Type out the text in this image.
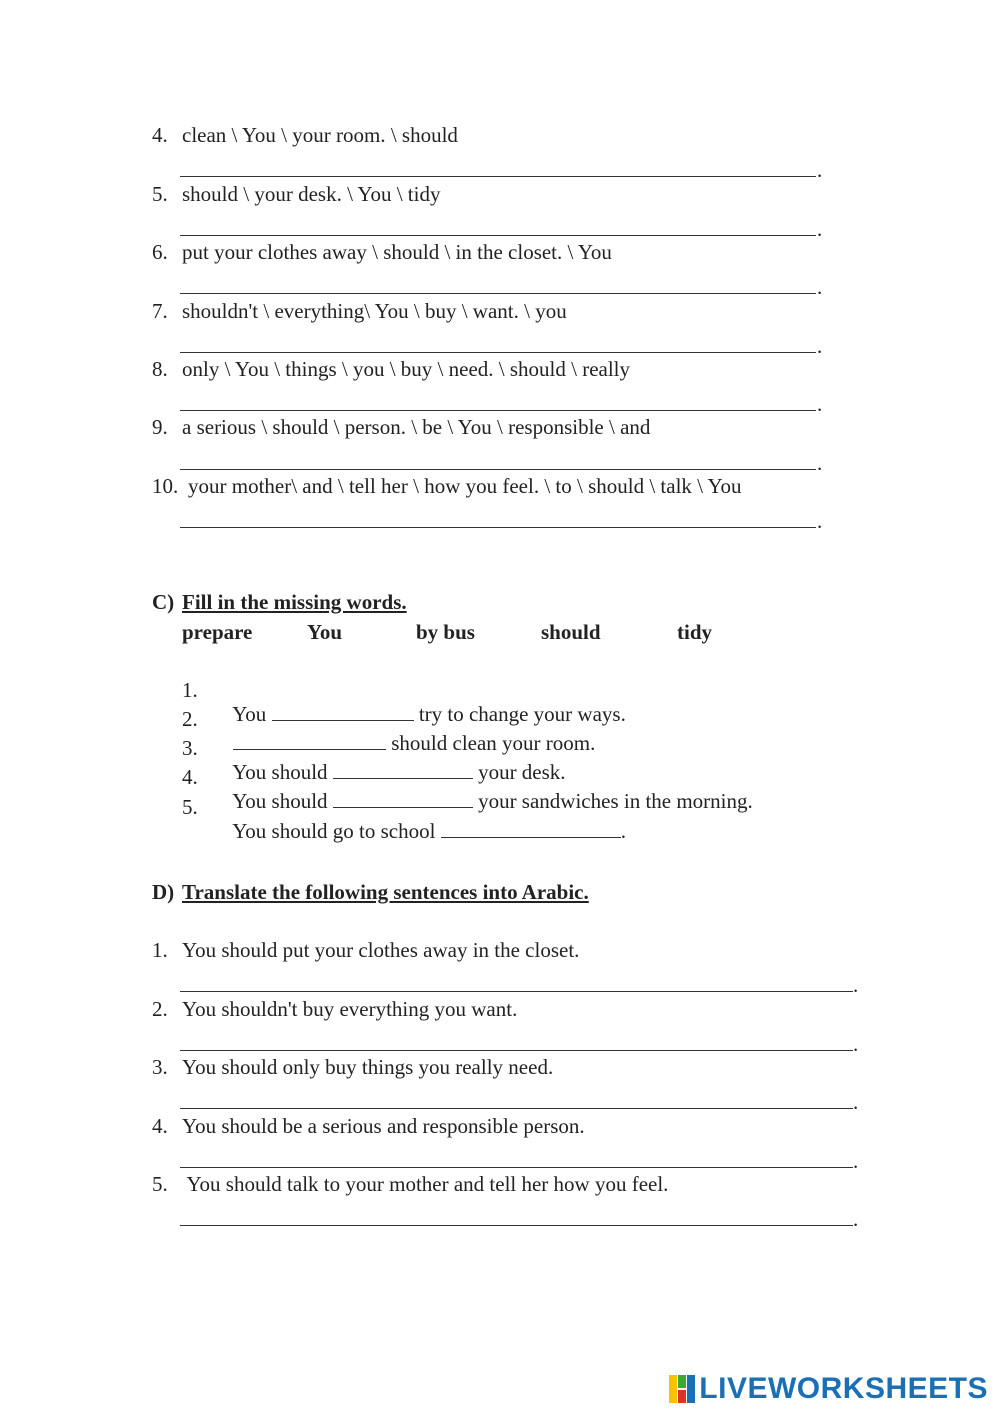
4. clean \ You \ your room. \ should
.
5. should \ your desk. \ You \ tidy
.
6. put your clothes away \ should \ in the closet. \ You
.
7. shouldn't \ everything\ You \ buy \ want. \ you
.
8. only \ You \ things \ you \ buy \ need. \ should \ really
.
9. a serious \ should \ person. \ be \ You \ responsible \ and
.
10. your mother\ and \ tell her \ how you feel. \ to \ should \ talk \ You
.
C) Fill in the missing words.
prepare	You	by bus	should	tidy
1.

You	try to change your ways.

2.

should clean your room.

3.

You should	your desk.

4.

You should	your sandwiches in the morning.

5.

You should go to school	.

D) Translate the following sentences into Arabic.
1. You should put your clothes away in the closet.
.
2. You shouldn't buy everything you want.
.
3. You should only buy things you really need.
.
4. You should be a serious and responsible person.
.
5. You should talk to your mother and tell her how you feel.
.
LIVEWORKSHEETS
